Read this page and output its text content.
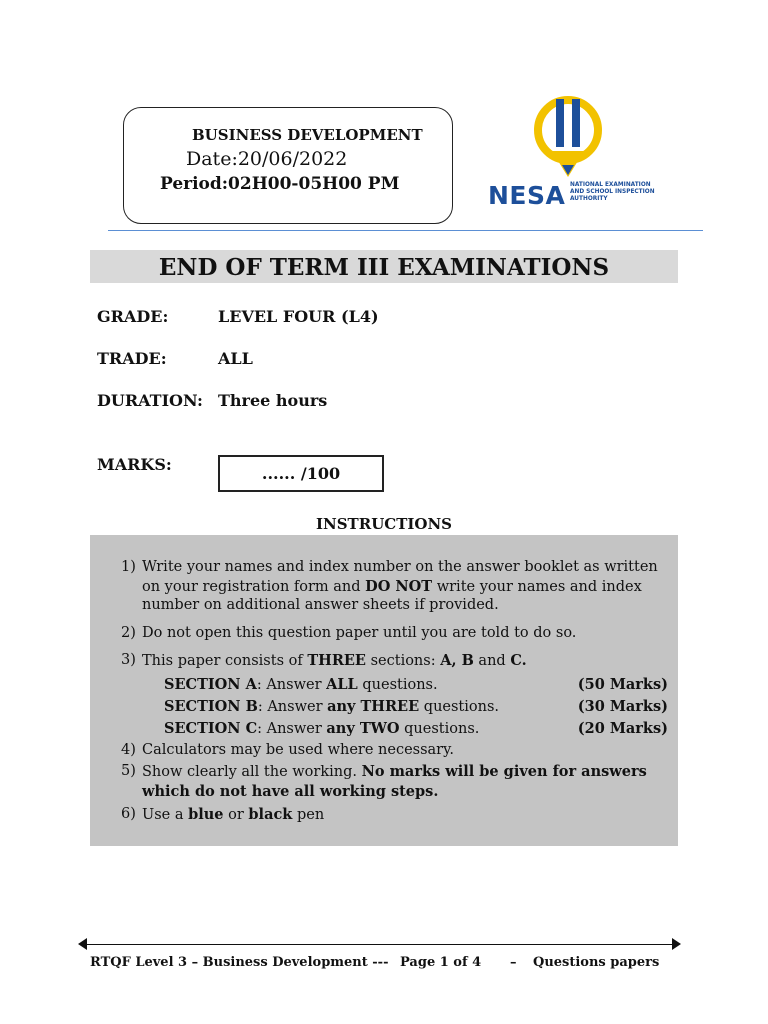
BUSINESS DEVELOPMENT
Date:20/06/2022
Period:02H00-05H00 PM	NESA NATIONAL EXAMINATION
AND SCHOOL INSPECTION
AUTHORITY
END OF TERM III EXAMINATIONS
GRADE:	LEVEL FOUR (L4)
TRADE:	ALL
DURATION: Three hours
MARKS:	...... /100
INSTRUCTIONS
1) Write your names and index number on the answer booklet as written
on your registration form and DO NOT write your names and index
number on additional answer sheets if provided.
2) Do not open this question paper until you are told to do so.
3) This paper consists of THREE sections: A, B and C.
4) Calculators may be used where necessary.
5) Show clearly all the working. No marks will be given for answers
which do not have all working steps.
6) Use a blue or black pen
SECTION A: Answer ALL questions.	(50 Marks)
SECTION B: Answer any THREE questions.	(30 Marks)
SECTION C: Answer any TWO questions.	(20 Marks)
RTQF Level 3 – Business Development --- Page 1 of 4 – Questions papers
